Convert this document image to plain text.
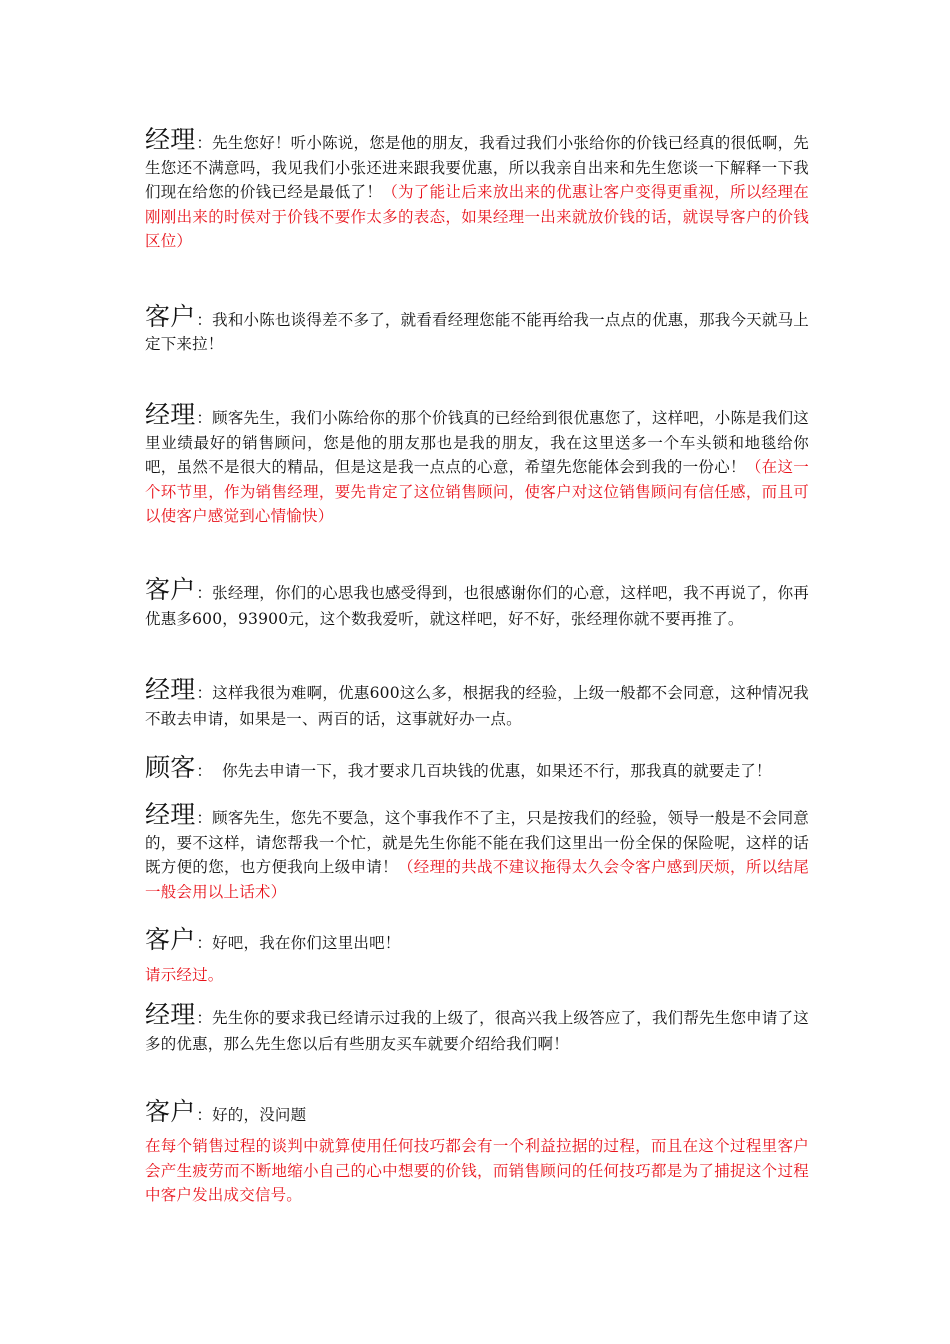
经理：先生您好！听小陈说，您是他的朋友，我看过我们小张给你的价钱已经真的很低啊，先生您还不满意吗，我见我们小张还进来跟我要优惠，所以我亲自出来和先生您谈一下解释一下我们现在给您的价钱已经是最低了！（为了能让后来放出来的优惠让客户变得更重视，所以经理在刚刚出来的时侯对于价钱不要作太多的表态，如果经理一出来就放价钱的话，就误导客户的价钱区位）
客户：我和小陈也谈得差不多了，就看看经理您能不能再给我一点点的优惠，那我今天就马上定下来拉！
经理：顾客先生，我们小陈给你的那个价钱真的已经给到很优惠您了，这样吧，小陈是我们这里业绩最好的销售顾问，您是他的朋友那也是我的朋友，我在这里送多一个车头锁和地毯给你吧，虽然不是很大的精品，但是这是我一点点的心意，希望先您能体会到我的一份心！（在这一个环节里，作为销售经理，要先肯定了这位销售顾问，使客户对这位销售顾问有信任感，而且可以使客户感觉到心情愉快）
客户：张经理，你们的心思我也感受得到，也很感谢你们的心意，这样吧，我不再说了，你再优惠多600，93900元，这个数我爱听，就这样吧，好不好，张经理你就不要再推了。
经理：这样我很为难啊，优惠600这么多，根据我的经验，上级一般都不会同意，这种情况我不敢去申请，如果是一、两百的话，这事就好办一点。
顾客： 你先去申请一下，我才要求几百块钱的优惠，如果还不行，那我真的就要走了！
经理：顾客先生，您先不要急，这个事我作不了主，只是按我们的经验，领导一般是不会同意的，要不这样，请您帮我一个忙，就是先生你能不能在我们这里出一份全保的保险呢，这样的话既方便的您，也方便我向上级申请！（经理的共战不建议拖得太久会令客户感到厌烦，所以结尾一般会用以上话术）
客户：好吧，我在你们这里出吧！
请示经过。
经理：先生你的要求我已经请示过我的上级了，很高兴我上级答应了，我们帮先生您申请了这多的优惠，那么先生您以后有些朋友买车就要介绍给我们啊！
客户：好的，没问题
在每个销售过程的谈判中就算使用任何技巧都会有一个利益拉据的过程，而且在这个过程里客户会产生疲劳而不断地缩小自己的心中想要的价钱，而销售顾问的任何技巧都是为了捕捉这个过程中客户发出成交信号。
